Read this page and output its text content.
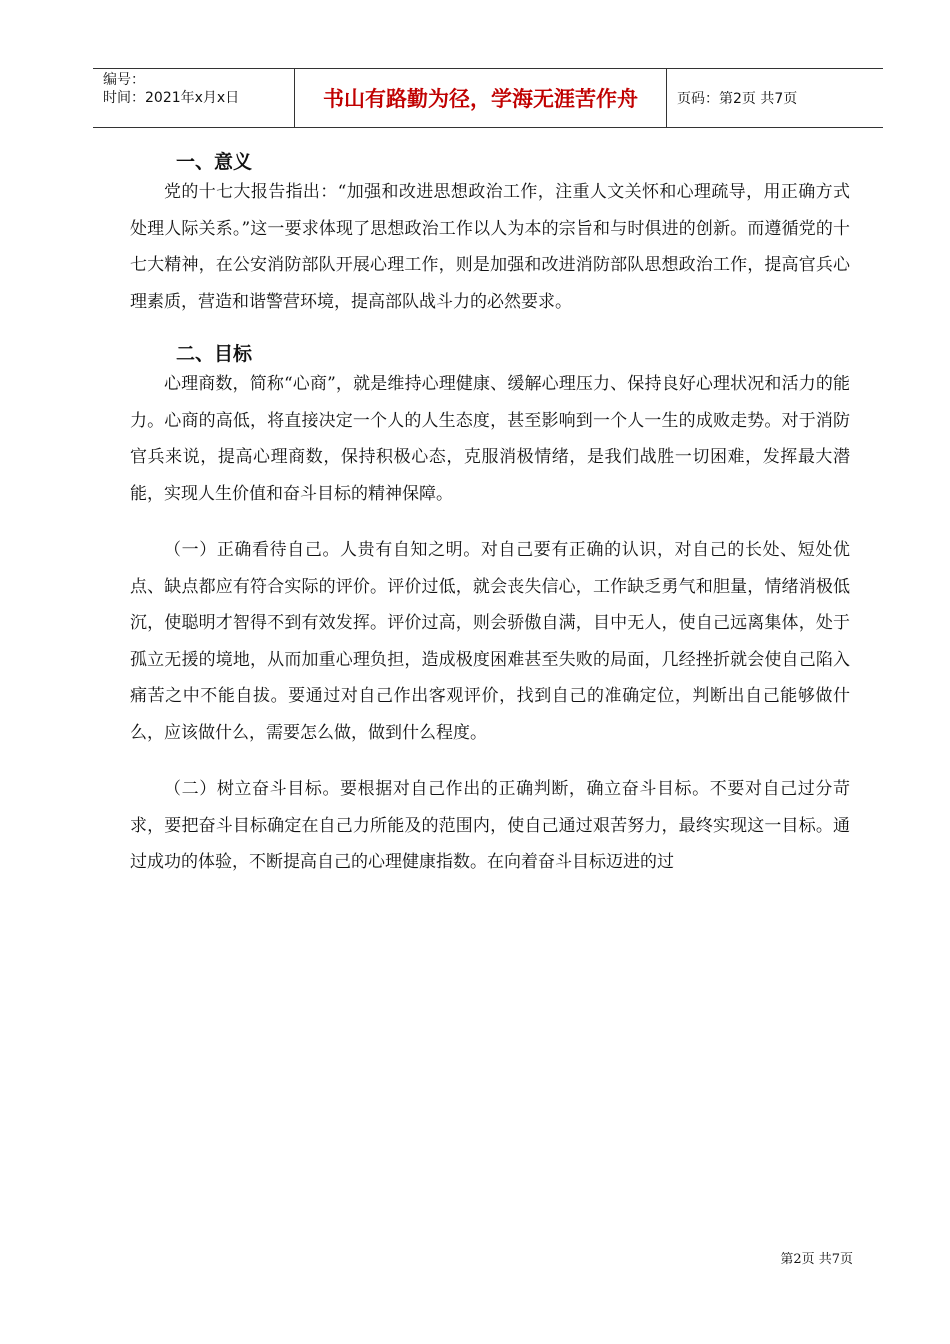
编号：
时间：2021年x月x日	书山有路勤为径，学海无涯苦作舟	页码：第2页 共7页
一、意义

党的十七大报告指出：“加强和改进思想政治工作，注重人文关怀和心理疏导，用正确方式处理人际关系。”这一要求体现了思想政治工作以人为本的宗旨和与时俱进的创新。而遵循党的十七大精神，在公安消防部队开展心理工作，则是加强和改进消防部队思想政治工作，提高官兵心理素质，营造和谐警营环境，提高部队战斗力的必然要求。

二、目标

心理商数，简称“心商”，就是维持心理健康、缓解心理压力、保持良好心理状况和活力的能力。心商的高低，将直接决定一个人的人生态度，甚至影响到一个人一生的成败走势。对于消防官兵来说，提高心理商数，保持积极心态，克服消极情绪，是我们战胜一切困难，发挥最大潜能，实现人生价值和奋斗目标的精神保障。

（一）正确看待自己。人贵有自知之明。对自己要有正确的认识，对自己的长处、短处优点、缺点都应有符合实际的评价。评价过低，就会丧失信心，工作缺乏勇气和胆量，情绪消极低沉，使聪明才智得不到有效发挥。评价过高，则会骄傲自满，目中无人，使自己远离集体，处于孤立无援的境地，从而加重心理负担，造成极度困难甚至失败的局面，几经挫折就会使自己陷入痛苦之中不能自拔。要通过对自己作出客观评价，找到自己的准确定位，判断出自己能够做什么，应该做什么，需要怎么做，做到什么程度。

（二）树立奋斗目标。要根据对自己作出的正确判断，确立奋斗目标。不要对自己过分苛求，要把奋斗目标确定在自己力所能及的范围内，使自己通过艰苦努力，最终实现这一目标。通过成功的体验，不断提高自己的心理健康指数。在向着奋斗目标迈进的过

第2页 共7页
